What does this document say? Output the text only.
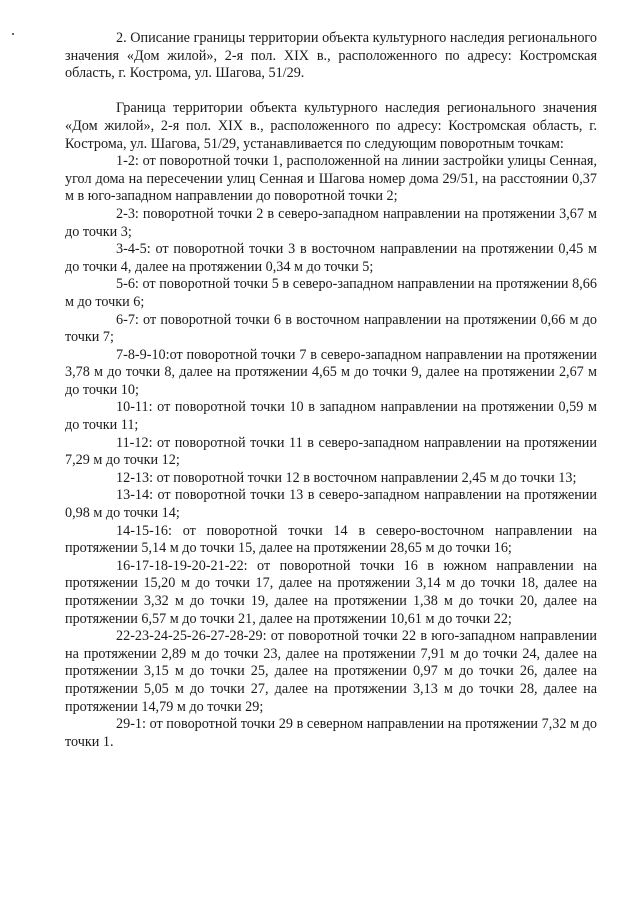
2. Описание границы территории объекта культурного наследия регионального значения «Дом жилой», 2-я пол. XIX в., расположенного по адресу: Костромская область, г. Кострома, ул. Шагова, 51/29.

Граница территории объекта культурного наследия регионального значения «Дом жилой», 2-я пол. XIX в., расположенного по адресу: Костромская область, г. Кострома, ул. Шагова, 51/29, устанавливается по следующим поворотным точкам:

1-2: от поворотной точки 1, расположенной на линии застройки улицы Сенная, угол дома на пересечении улиц Сенная и Шагова номер дома 29/51, на расстоянии 0,37 м в юго-западном направлении до поворотной точки 2;

2-3: поворотной точки 2 в северо-западном направлении на протяжении 3,67 м до точки 3;

3-4-5: от поворотной точки 3 в восточном направлении на протяжении 0,45 м до точки 4, далее на протяжении 0,34 м до точки 5;

5-6: от поворотной точки 5 в северо-западном направлении на протяжении 8,66 м до точки 6;

6-7: от поворотной точки 6 в восточном направлении на протяжении 0,66 м до точки 7;

7-8-9-10:от поворотной точки 7 в северо-западном направлении на протяжении 3,78 м до точки 8, далее на протяжении 4,65 м до точки 9, далее на протяжении 2,67 м до точки 10;

10-11: от поворотной точки 10 в западном направлении на протяжении 0,59 м до точки 11;

11-12: от поворотной точки 11 в северо-западном направлении на протяжении 7,29 м до точки 12;

12-13: от поворотной точки 12 в восточном направлении 2,45 м до точки 13;

13-14: от поворотной точки 13 в северо-западном направлении на протяжении 0,98 м до точки 14;

14-15-16: от поворотной точки 14 в северо-восточном направлении на протяжении 5,14 м до точки 15, далее на протяжении 28,65 м до точки 16;

16-17-18-19-20-21-22: от поворотной точки 16 в южном направлении на протяжении 15,20 м до точки 17, далее на протяжении 3,14 м до точки 18, далее на протяжении 3,32 м до точки 19, далее на протяжении 1,38 м до точки 20, далее на протяжении 6,57 м до точки 21, далее на протяжении 10,61 м до точки 22;

22-23-24-25-26-27-28-29: от поворотной точки 22 в юго-западном направлении на протяжении 2,89 м до точки 23, далее на протяжении 7,91 м до точки 24, далее на протяжении 3,15 м до точки 25, далее на протяжении 0,97 м до точки 26, далее на протяжении 5,05 м до точки 27, далее на протяжении 3,13 м до точки 28, далее на протяжении 14,79 м до точки 29;

29-1: от поворотной точки 29 в северном направлении на протяжении 7,32 м до точки 1.
